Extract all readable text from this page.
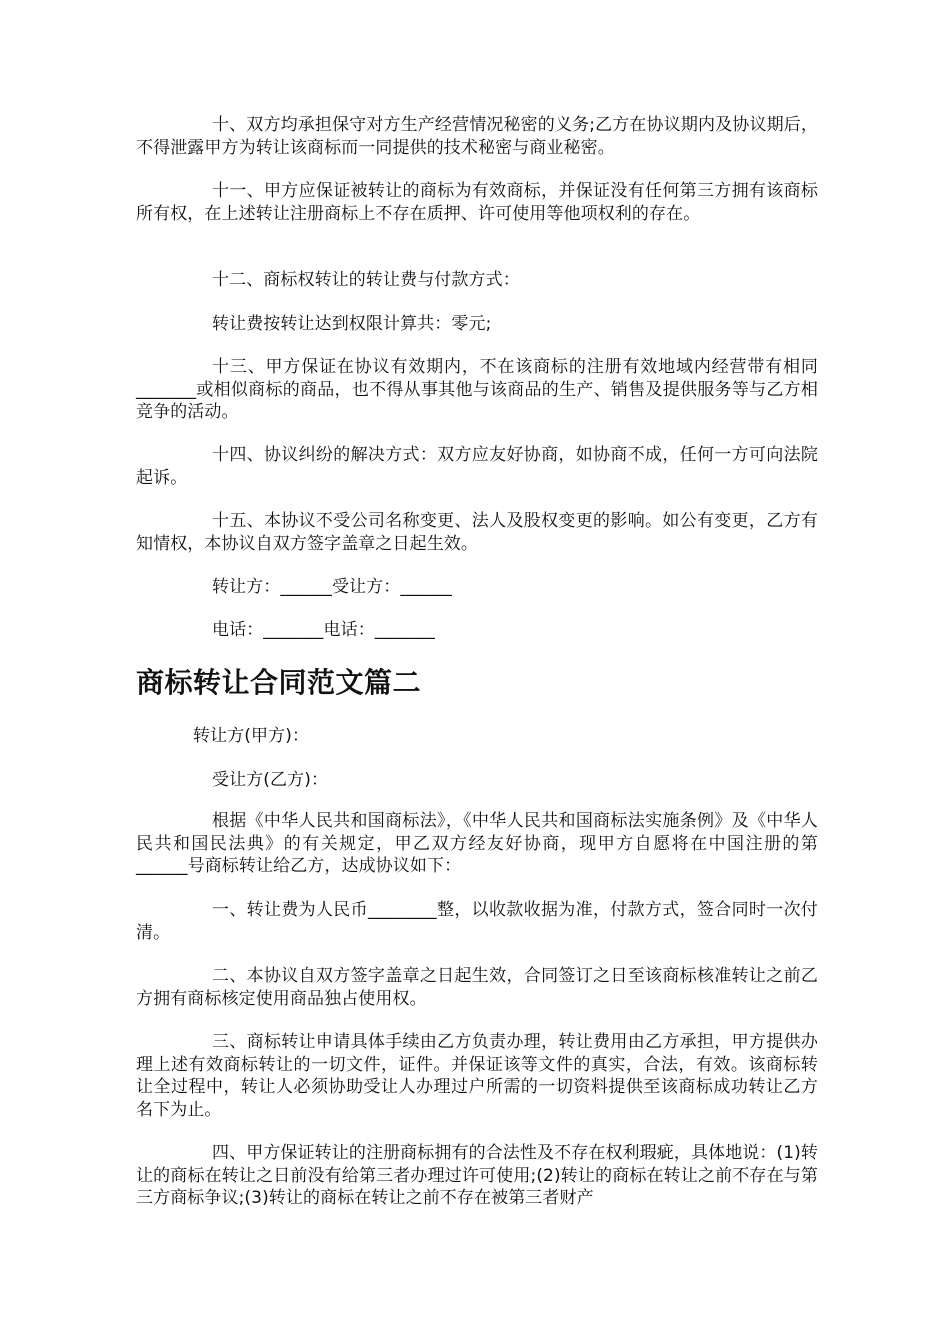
十、双方均承担保守对方生产经营情况秘密的义务;乙方在协议期内及协议期后，不得泄露甲方为转让该商标而一同提供的技术秘密与商业秘密。

十一、甲方应保证被转让的商标为有效商标，并保证没有任何第三方拥有该商标所有权，在上述转让注册商标上不存在质押、许可使用等他项权利的存在。

十二、商标权转让的转让费与付款方式：

转让费按转让达到权限计算共：零元;

十三、甲方保证在协议有效期内，不在该商标的注册有效地域内经营带有相同_______或相似商标的商品，也不得从事其他与该商品的生产、销售及提供服务等与乙方相竞争的活动。

十四、协议纠纷的解决方式：双方应友好协商，如协商不成，任何一方可向法院起诉。

十五、本协议不受公司名称变更、法人及股权变更的影响。如公有变更，乙方有知情权，本协议自双方签字盖章之日起生效。

转让方：______受让方：______

电话：_______电话：_______

商标转让合同范文篇二

转让方(甲方)：

受让方(乙方)：

根据《中华人民共和国商标法》，《中华人民共和国商标法实施条例》及《中华人民共和国民法典》的有关规定，甲乙双方经友好协商，现甲方自愿将在中国注册的第______号商标转让给乙方，达成协议如下：

一、转让费为人民币________整，以收款收据为准，付款方式，签合同时一次付清。

二、本协议自双方签字盖章之日起生效，合同签订之日至该商标核准转让之前乙方拥有商标核定使用商品独占使用权。

三、商标转让申请具体手续由乙方负责办理，转让费用由乙方承担，甲方提供办理上述有效商标转让的一切文件，证件。并保证该等文件的真实，合法，有效。该商标转让全过程中，转让人必须协助受让人办理过户所需的一切资料提供至该商标成功转让乙方名下为止。

四、甲方保证转让的注册商标拥有的合法性及不存在权利瑕疵，具体地说：(1)转让的商标在转让之日前没有给第三者办理过许可使用;(2)转让的商标在转让之前不存在与第三方商标争议;(3)转让的商标在转让之前不存在被第三者财产
